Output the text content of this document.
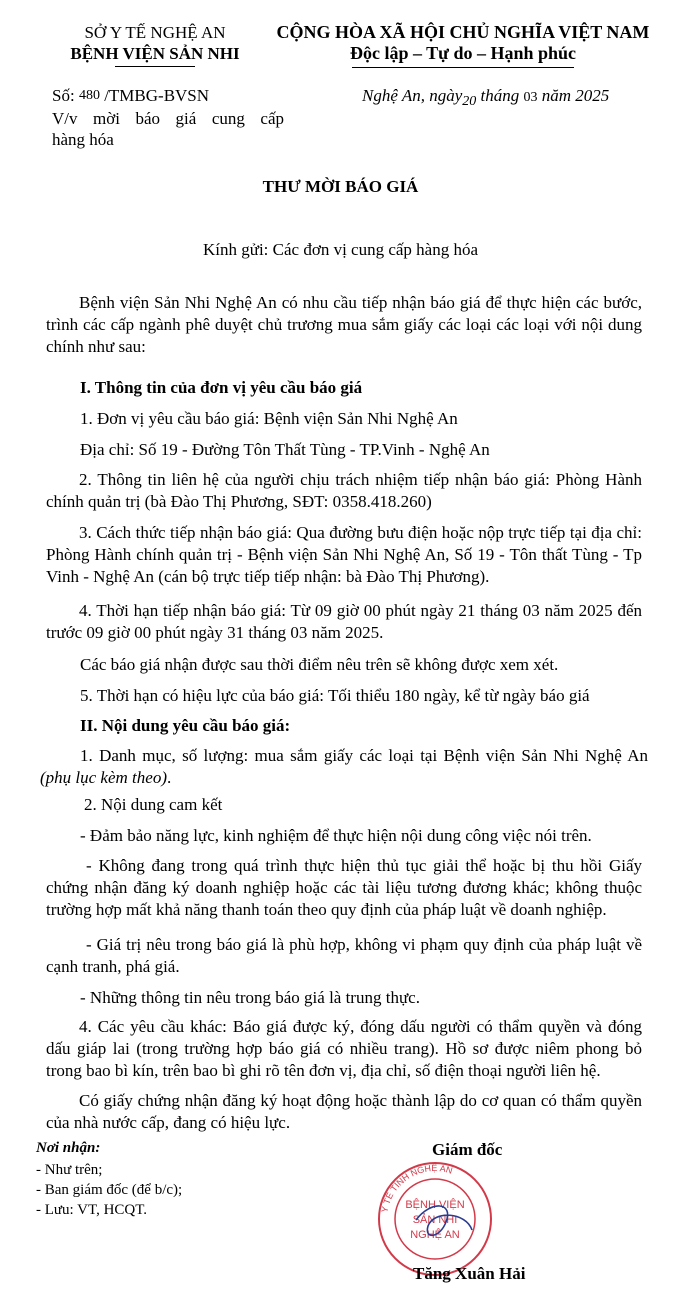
SỞ Y TẾ NGHỆ AN
BỆNH VIỆN SẢN NHI
CỘNG HÒA XÃ HỘI CHỦ NGHĨA VIỆT NAM
Độc lập – Tự do – Hạnh phúc
Số: 480 /TMBG-BVSN	Nghệ An, ngày$_{20}$ tháng 03 năm 2025
V/v mời báo giá cung cấp
hàng hóa
THƯ MỜI BÁO GIÁ
Kính gửi: Các đơn vị cung cấp hàng hóa
Bệnh viện Sản Nhi Nghệ An có nhu cầu tiếp nhận báo giá để thực hiện các bước, trình các cấp ngành phê duyệt chủ trương mua sắm giấy các loại các loại với nội dung chính như sau:
I. Thông tin của đơn vị yêu cầu báo giá
1. Đơn vị yêu cầu báo giá: Bệnh viện Sản Nhi Nghệ An
Địa chỉ: Số 19 - Đường Tôn Thất Tùng - TP.Vinh - Nghệ An
2. Thông tin liên hệ của người chịu trách nhiệm tiếp nhận báo giá: Phòng Hành chính quản trị (bà Đào Thị Phương, SĐT: 0358.418.260)
3. Cách thức tiếp nhận báo giá: Qua đường bưu điện hoặc nộp trực tiếp tại địa chỉ: Phòng Hành chính quản trị - Bệnh viện Sản Nhi Nghệ An, Số 19 - Tôn thất Tùng - Tp Vinh - Nghệ An (cán bộ trực tiếp tiếp nhận: bà Đào Thị Phương).
4. Thời hạn tiếp nhận báo giá: Từ 09 giờ 00 phút ngày 21 tháng 03 năm 2025 đến trước 09 giờ 00 phút ngày 31 tháng 03 năm 2025.
Các báo giá nhận được sau thời điểm nêu trên sẽ không được xem xét.
5. Thời hạn có hiệu lực của báo giá: Tối thiểu 180 ngày, kể từ ngày báo giá
II. Nội dung yêu cầu báo giá:
1. Danh mục, số lượng: mua sắm giấy các loại tại Bệnh viện Sản Nhi Nghệ An (phụ lục kèm theo).
2. Nội dung cam kết
- Đảm bảo năng lực, kinh nghiệm để thực hiện nội dung công việc nói trên.
- Không đang trong quá trình thực hiện thủ tục giải thể hoặc bị thu hồi Giấy chứng nhận đăng ký doanh nghiệp hoặc các tài liệu tương đương khác; không thuộc trường hợp mất khả năng thanh toán theo quy định của pháp luật về doanh nghiệp.
- Giá trị nêu trong báo giá là phù hợp, không vi phạm quy định của pháp luật về cạnh tranh, phá giá.
- Những thông tin nêu trong báo giá là trung thực.
4. Các yêu cầu khác: Báo giá được ký, đóng dấu người có thẩm quyền và đóng dấu giáp lai (trong trường hợp báo giá có nhiều trang). Hồ sơ được niêm phong bỏ trong bao bì kín, trên bao bì ghi rõ tên đơn vị, địa chỉ, số điện thoại người liên hệ.
Có giấy chứng nhận đăng ký hoạt động hoặc thành lập do cơ quan có thẩm quyền của nhà nước cấp, đang có hiệu lực.
Nơi nhận:
- Như trên;
- Ban giám đốc (để b/c);
- Lưu: VT, HCQT.
Giám đốc
Y TẾ TỈNH NGHỆ AN
BỆNH VIỆN
SẢN NHI
NGHỆ AN
Tăng Xuân Hải
